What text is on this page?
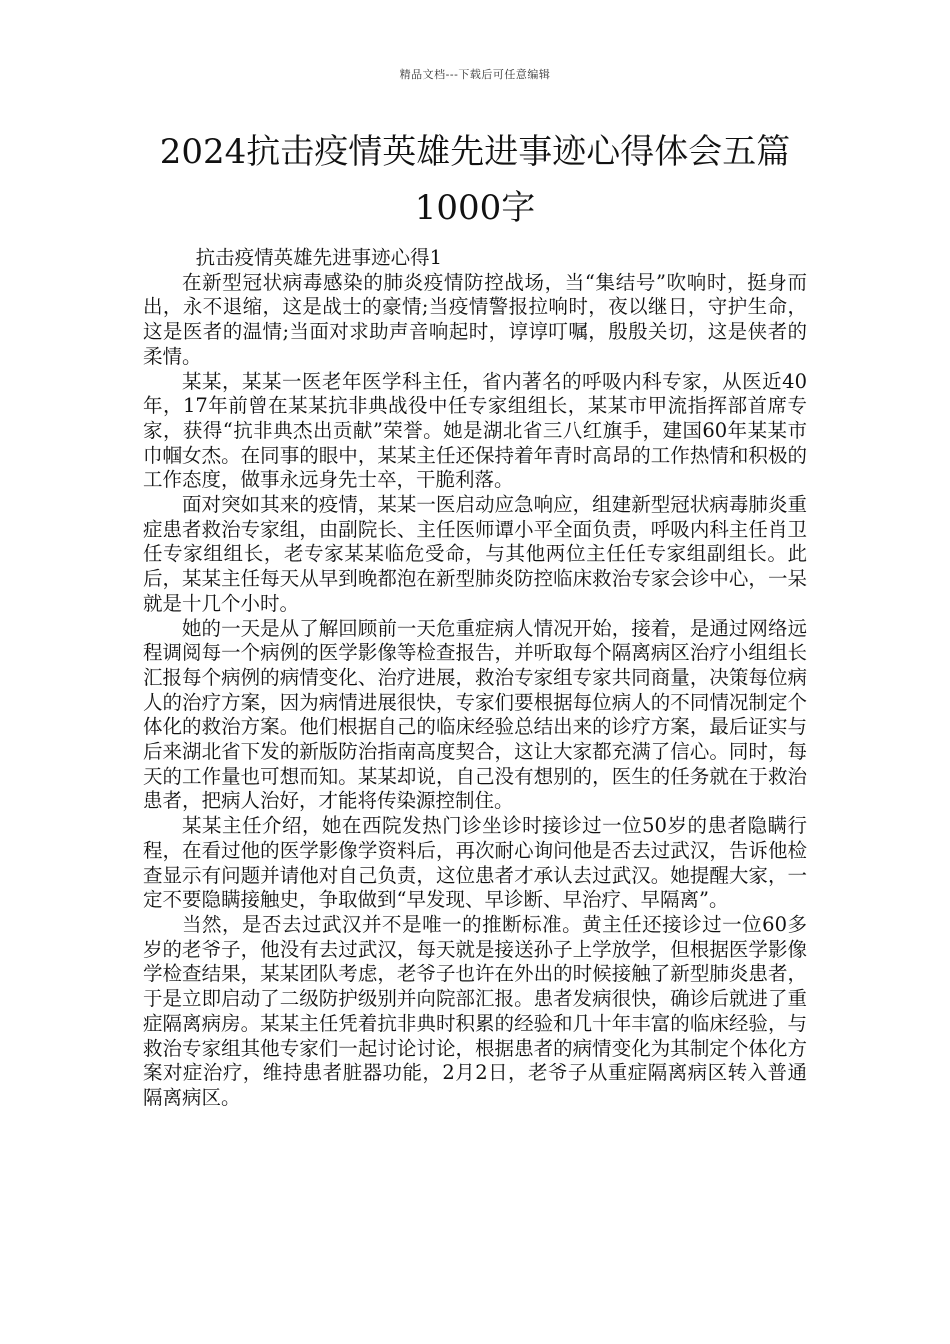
精品文档---下载后可任意编辑
2024抗击疫情英雄先进事迹心得体会五篇1000字

抗击疫情英雄先进事迹心得1

在新型冠状病毒感染的肺炎疫情防控战场，当“集结号”吹响时，挺身而出，永不退缩，这是战士的豪情;当疫情警报拉响时，夜以继日，守护生命，这是医者的温情;当面对求助声音响起时，谆谆叮嘱，殷殷关切，这是侠者的柔情。

某某，某某一医老年医学科主任，省内著名的呼吸内科专家，从医近40年，17年前曾在某某抗非典战役中任专家组组长，某某市甲流指挥部首席专家，获得“抗非典杰出贡献”荣誉。她是湖北省三八红旗手，建国60年某某市巾帼女杰。在同事的眼中，某某主任还保持着年青时高昂的工作热情和积极的工作态度，做事永远身先士卒，干脆利落。

面对突如其来的疫情，某某一医启动应急响应，组建新型冠状病毒肺炎重症患者救治专家组，由副院长、主任医师谭小平全面负责，呼吸内科主任肖卫任专家组组长，老专家某某临危受命，与其他两位主任任专家组副组长。此后，某某主任每天从早到晚都泡在新型肺炎防控临床救治专家会诊中心，一呆就是十几个小时。

她的一天是从了解回顾前一天危重症病人情况开始，接着，是通过网络远程调阅每一个病例的医学影像等检查报告，并听取每个隔离病区治疗小组组长汇报每个病例的病情变化、治疗进展，救治专家组专家共同商量，决策每位病人的治疗方案，因为病情进展很快，专家们要根据每位病人的不同情况制定个体化的救治方案。他们根据自己的临床经验总结出来的诊疗方案，最后证实与后来湖北省下发的新版防治指南高度契合，这让大家都充满了信心。同时，每天的工作量也可想而知。某某却说，自己没有想别的，医生的任务就在于救治患者，把病人治好，才能将传染源控制住。

某某主任介绍，她在西院发热门诊坐诊时接诊过一位50岁的患者隐瞒行程，在看过他的医学影像学资料后，再次耐心询问他是否去过武汉，告诉他检查显示有问题并请他对自己负责，这位患者才承认去过武汉。她提醒大家，一定不要隐瞒接触史，争取做到“早发现、早诊断、早治疗、早隔离”。

当然，是否去过武汉并不是唯一的推断标准。黄主任还接诊过一位60多岁的老爷子，他没有去过武汉，每天就是接送孙子上学放学，但根据医学影像学检查结果，某某团队考虑，老爷子也许在外出的时候接触了新型肺炎患者，于是立即启动了二级防护级别并向院部汇报。患者发病很快，确诊后就进了重症隔离病房。某某主任凭着抗非典时积累的经验和几十年丰富的临床经验，与救治专家组其他专家们一起讨论讨论，根据患者的病情变化为其制定个体化方案对症治疗，维持患者脏器功能，2月2日，老爷子从重症隔离病区转入普通隔离病区。
